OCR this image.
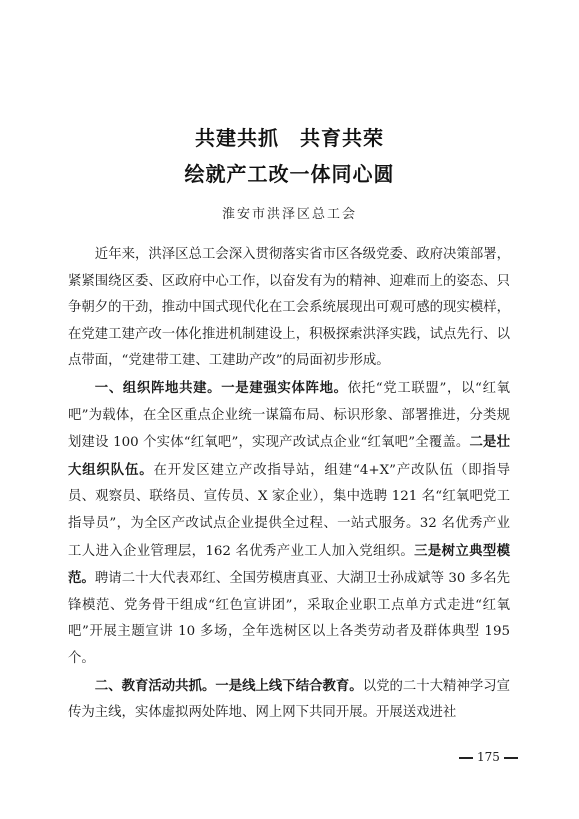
共建共抓　共育共荣
绘就产工改一体同心圆
淮安市洪泽区总工会

近年来，洪泽区总工会深入贯彻落实省市区各级党委、政府决策部署，紧紧围绕区委、区政府中心工作，以奋发有为的精神、迎难而上的姿态、只争朝夕的干劲，推动中国式现代化在工会系统展现出可观可感的现实模样，在党建工建产改一体化推进机制建设上，积极探索洪泽实践，试点先行、以点带面，“党建带工建、工建助产改”的局面初步形成。

一、组织阵地共建。一是建强实体阵地。依托“党工联盟”，以“红氧吧”为载体，在全区重点企业统一谋篇布局、标识形象、部署推进，分类规划建设 100 个实体“红氧吧”，实现产改试点企业“红氧吧”全覆盖。二是壮大组织队伍。在开发区建立产改指导站，组建“4+X”产改队伍（即指导员、观察员、联络员、宣传员、X 家企业），集中选聘 121 名“红氧吧党工指导员”，为全区产改试点企业提供全过程、一站式服务。32 名优秀产业工人进入企业管理层，162 名优秀产业工人加入党组织。三是树立典型模范。聘请二十大代表邓红、全国劳模唐真亚、大湖卫士孙成斌等 30 多名先锋模范、党务骨干组成“红色宣讲团”，采取企业职工点单方式走进“红氧吧”开展主题宣讲 10 多场，全年选树区以上各类劳动者及群体典型 195 个。

二、教育活动共抓。一是线上线下结合教育。以党的二十大精神学习宣传为主线，实体虚拟两处阵地、网上网下共同开展。开展送戏进社

175
